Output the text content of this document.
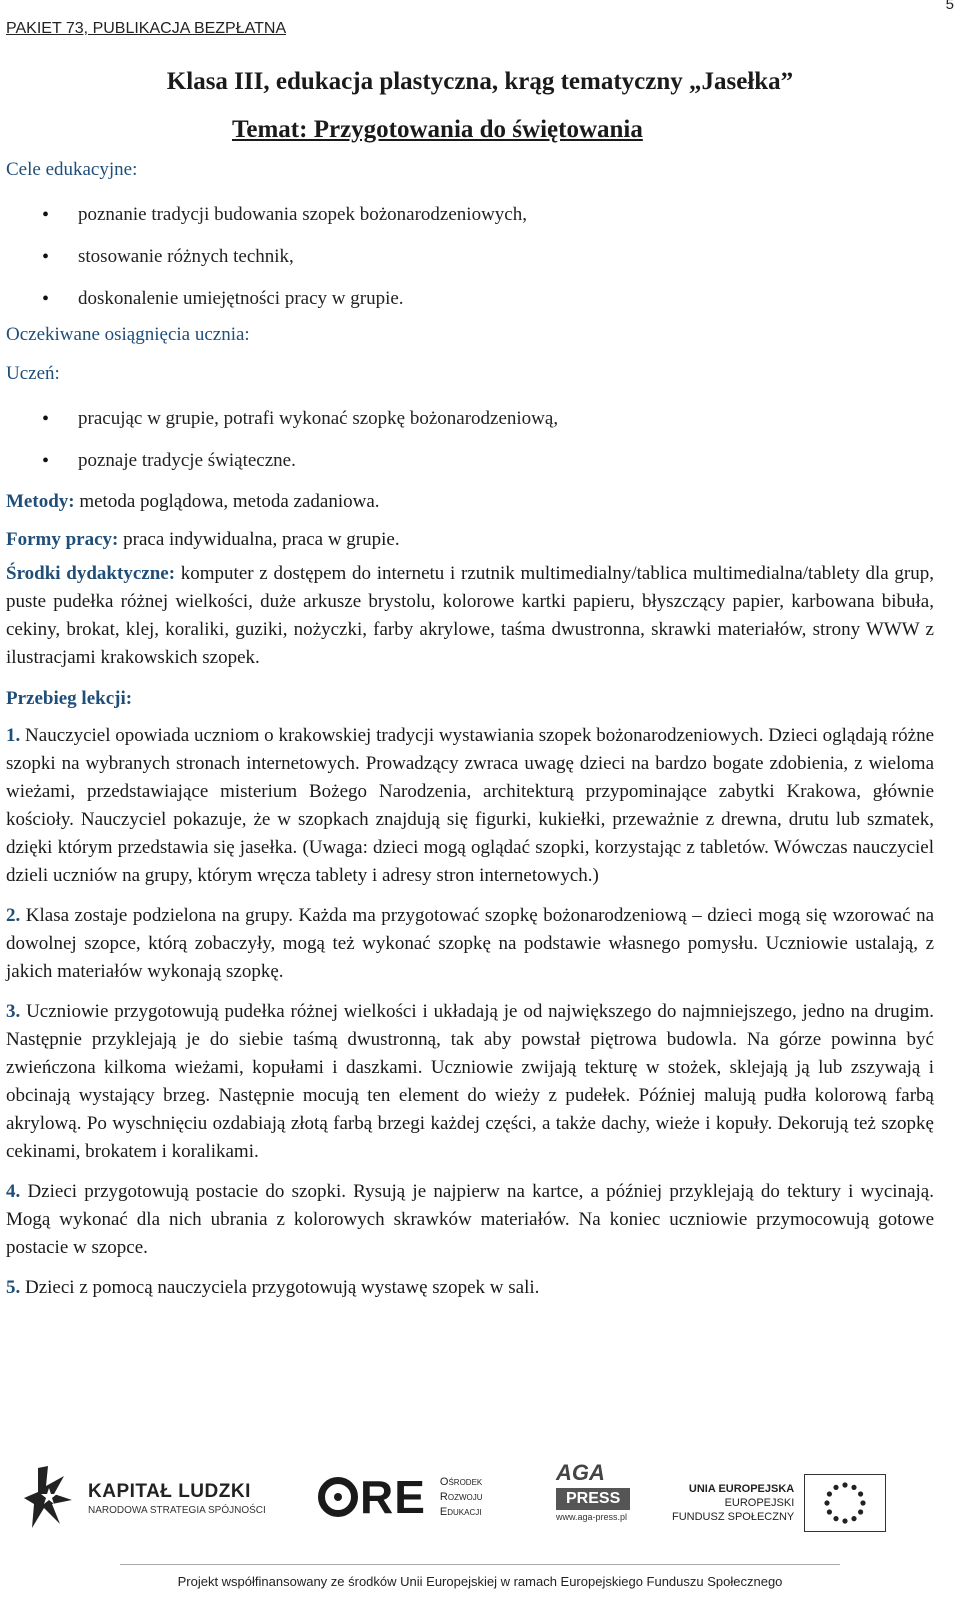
PAKIET 73, PUBLIKACJA BEZPŁATNA
5
Klasa III, edukacja plastyczna, krąg tematyczny „Jasełka”
Temat: Przygotowania do świętowania

Cele edukacyjne:

• poznanie tradycji budowania szopek bożonarodzeniowych,
• stosowanie różnych technik,
• doskonalenie umiejętności pracy w grupie.

Oczekiwane osiągnięcia ucznia:

Uczeń:

• pracując w grupie, potrafi wykonać szopkę bożonarodzeniową,
• poznaje tradycje świąteczne.

Metody: metoda poglądowa, metoda zadaniowa.

Formy pracy: praca indywidualna, praca w grupie.

Środki dydaktyczne: komputer z dostępem do internetu i rzutnik multimedialny/tablica multimedialna/tablety dla grup, puste pudełka różnej wielkości, duże arkusze brystolu, kolorowe kartki papieru, błyszczący papier, karbowana bibuła, cekiny, brokat, klej, koraliki, guziki, nożyczki, farby akrylowe, taśma dwustronna, skrawki materiałów, strony WWW z ilustracjami krakowskich szopek.

Przebieg lekcji:

1. Nauczyciel opowiada uczniom o krakowskiej tradycji wystawiania szopek bożonarodzeniowych. Dzieci oglądają różne szopki na wybranych stronach internetowych. Prowadzący zwraca uwagę dzieci na bardzo bogate zdobienia, z wieloma wieżami, przedstawiające misterium Bożego Narodzenia, architekturą przypominające zabytki Krakowa, głównie kościoły. Nauczyciel pokazuje, że w szopkach znajdują się figurki, kukiełki, przeważnie z drewna, drutu lub szmatek, dzięki którym przedstawia się jasełka. (Uwaga: dzieci mogą oglądać szopki, korzystając z tabletów. Wówczas nauczyciel dzieli uczniów na grupy, którym wręcza tablety i adresy stron internetowych.)

2. Klasa zostaje podzielona na grupy. Każda ma przygotować szopkę bożonarodzeniową – dzieci mogą się wzorować na dowolnej szopce, którą zobaczyły, mogą też wykonać szopkę na podstawie własnego pomysłu. Uczniowie ustalają, z jakich materiałów wykonają szopkę.

3. Uczniowie przygotowują pudełka różnej wielkości i układają je od największego do najmniejszego, jedno na drugim. Następnie przyklejają je do siebie taśmą dwustronną, tak aby powstał piętrowa budowla. Na górze powinna być zwieńczona kilkoma wieżami, kopułami i daszkami. Uczniowie zwijają tekturę w stożek, sklejają ją lub zszywają i obcinają wystający brzeg. Następnie mocują ten element do wieży z pudełek. Później malują pudła kolorową farbą akrylową. Po wyschnięciu ozdabiają złotą farbą brzegi każdej części, a także dachy, wieże i kopuły. Dekorują też szopkę cekinami, brokatem i koralikami.

4. Dzieci przygotowują postacie do szopki. Rysują je najpierw na kartce, a później przyklejają do tektury i wycinają. Mogą wykonać dla nich ubrania z kolorowych skrawków materiałów. Na koniec uczniowie przymocowują gotowe postacie w szopce.

5. Dzieci z pomocą nauczyciela przygotowują wystawę szopek w sali.

KAPITAŁ LUDZKI
NARODOWA STRATEGIA SPÓJNOŚCI RE Ośrodek
Rozwoju
Edukacji
AGA
PRESS
www.aga-press.pl
UNIA EUROPEJSKA
EUROPEJSKI
FUNDUSZ SPOŁECZNY
Projekt współfinansowany ze środków Unii Europejskiej w ramach Europejskiego Funduszu Społecznego
